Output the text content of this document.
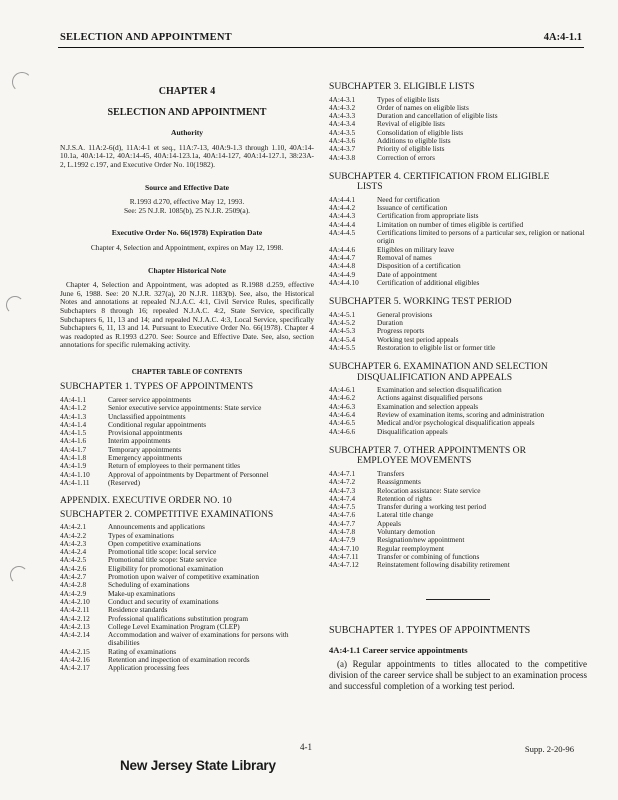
SELECTION AND APPOINTMENT	4A:4-1.1
CHAPTER 4
SELECTION AND APPOINTMENT
Authority
N.J.S.A. 11A:2-6(d), 11A:4-1 et seq., 11A:7-13, 40A:9-1.3 through 1.10, 40A:14-10.1a, 40A:14-12, 40A:14-45, 40A:14-123.1a, 40A:14-127, 40A:14-127.1, 38:23A-2, L.1992 c.197, and Executive Order No. 10(1982).
Source and Effective Date
R.1993 d.270, effective May 12, 1993.
See: 25 N.J.R. 1085(b), 25 N.J.R. 2509(a).
Executive Order No. 66(1978) Expiration Date
Chapter 4, Selection and Appointment, expires on May 12, 1998.
Chapter Historical Note
Chapter 4, Selection and Appointment, was adopted as R.1988 d.259, effective June 6, 1988. See: 20 N.J.R. 327(a), 20 N.J.R. 1183(b). See, also, the Historical Notes and annotations at repealed N.J.A.C. 4:1, Civil Service Rules, specifically Subchapters 8 through 16; repealed N.J.A.C. 4:2, State Service, specifically Subchapters 6, 11, 13 and 14; and repealed N.J.A.C. 4:3, Local Service, specifically Subchapters 6, 11, 13 and 14. Pursuant to Executive Order No. 66(1978). Chapter 4 was readopted as R.1993 d.270. See: Source and Effective Date. See, also, section annotations for specific rulemaking activity.
CHAPTER TABLE OF CONTENTS
SUBCHAPTER 1. TYPES OF APPOINTMENTS
4A:4-1.1	Career service appointments
4A:4-1.2	Senior executive service appointments: State service
4A:4-1.3	Unclassified appointments
4A:4-1.4	Conditional regular appointments
4A:4-1.5	Provisional appointments
4A:4-1.6	Interim appointments
4A:4-1.7	Temporary appointments
4A:4-1.8	Emergency appointments
4A:4-1.9	Return of employees to their permanent titles
4A:4-1.10	Approval of appointments by Department of Personnel
4A:4-1.11	(Reserved)
APPENDIX. EXECUTIVE ORDER NO. 10
SUBCHAPTER 2. COMPETITIVE EXAMINATIONS
4A:4-2.1	Announcements and applications
4A:4-2.2	Types of examinations
4A:4-2.3	Open competitive examinations
4A:4-2.4	Promotional title scope: local service
4A:4-2.5	Promotional title scope: State service
4A:4-2.6	Eligibility for promotional examination
4A:4-2.7	Promotion upon waiver of competitive examination
4A:4-2.8	Scheduling of examinations
4A:4-2.9	Make-up examinations
4A:4-2.10	Conduct and security of examinations
4A:4-2.11	Residence standards
4A:4-2.12	Professional qualifications substitution program
4A:4-2.13	College Level Examination Program (CLEP)
4A:4-2.14	Accommodation and waiver of examinations for persons with disabilities
4A:4-2.15	Rating of examinations
4A:4-2.16	Retention and inspection of examination records
4A:4-2.17	Application processing fees
SUBCHAPTER 3. ELIGIBLE LISTS
4A:4-3.1	Types of eligible lists
4A:4-3.2	Order of names on eligible lists
4A:4-3.3	Duration and cancellation of eligible lists
4A:4-3.4	Revival of eligible lists
4A:4-3.5	Consolidation of eligible lists
4A:4-3.6	Additions to eligible lists
4A:4-3.7	Priority of eligible lists
4A:4-3.8	Correction of errors
SUBCHAPTER 4. CERTIFICATION FROM ELIGIBLE
LISTS
4A:4-4.1	Need for certification
4A:4-4.2	Issuance of certification
4A:4-4.3	Certification from appropriate lists
4A:4-4.4	Limitation on number of times eligible is certified
4A:4-4.5	Certifications limited to persons of a particular sex, religion or national origin
4A:4-4.6	Eligibles on military leave
4A:4-4.7	Removal of names
4A:4-4.8	Disposition of a certification
4A:4-4.9	Date of appointment
4A:4-4.10	Certification of additional eligibles
SUBCHAPTER 5. WORKING TEST PERIOD
4A:4-5.1	General provisions
4A:4-5.2	Duration
4A:4-5.3	Progress reports
4A:4-5.4	Working test period appeals
4A:4-5.5	Restoration to eligible list or former title
SUBCHAPTER 6. EXAMINATION AND SELECTION
DISQUALIFICATION AND APPEALS
4A:4-6.1	Examination and selection disqualification
4A:4-6.2	Actions against disqualified persons
4A:4-6.3	Examination and selection appeals
4A:4-6.4	Review of examination items, scoring and administration
4A:4-6.5	Medical and/or psychological disqualification appeals
4A:4-6.6	Disqualification appeals
SUBCHAPTER 7. OTHER APPOINTMENTS OR
EMPLOYEE MOVEMENTS
4A:4-7.1	Transfers
4A:4-7.2	Reassignments
4A:4-7.3	Relocation assistance: State service
4A:4-7.4	Retention of rights
4A:4-7.5	Transfer during a working test period
4A:4-7.6	Lateral title change
4A:4-7.7	Appeals
4A:4-7.8	Voluntary demotion
4A:4-7.9	Resignation/new appointment
4A:4-7.10	Regular reemployment
4A:4-7.11	Transfer or combining of functions
4A:4-7.12	Reinstatement following disability retirement
SUBCHAPTER 1. TYPES OF APPOINTMENTS
4A:4-1.1 Career service appointments
(a) Regular appointments to titles allocated to the competitive division of the career service shall be subject to an examination process and successful completion of a working test period.
4-1	Supp. 2-20-96
New Jersey State Library
